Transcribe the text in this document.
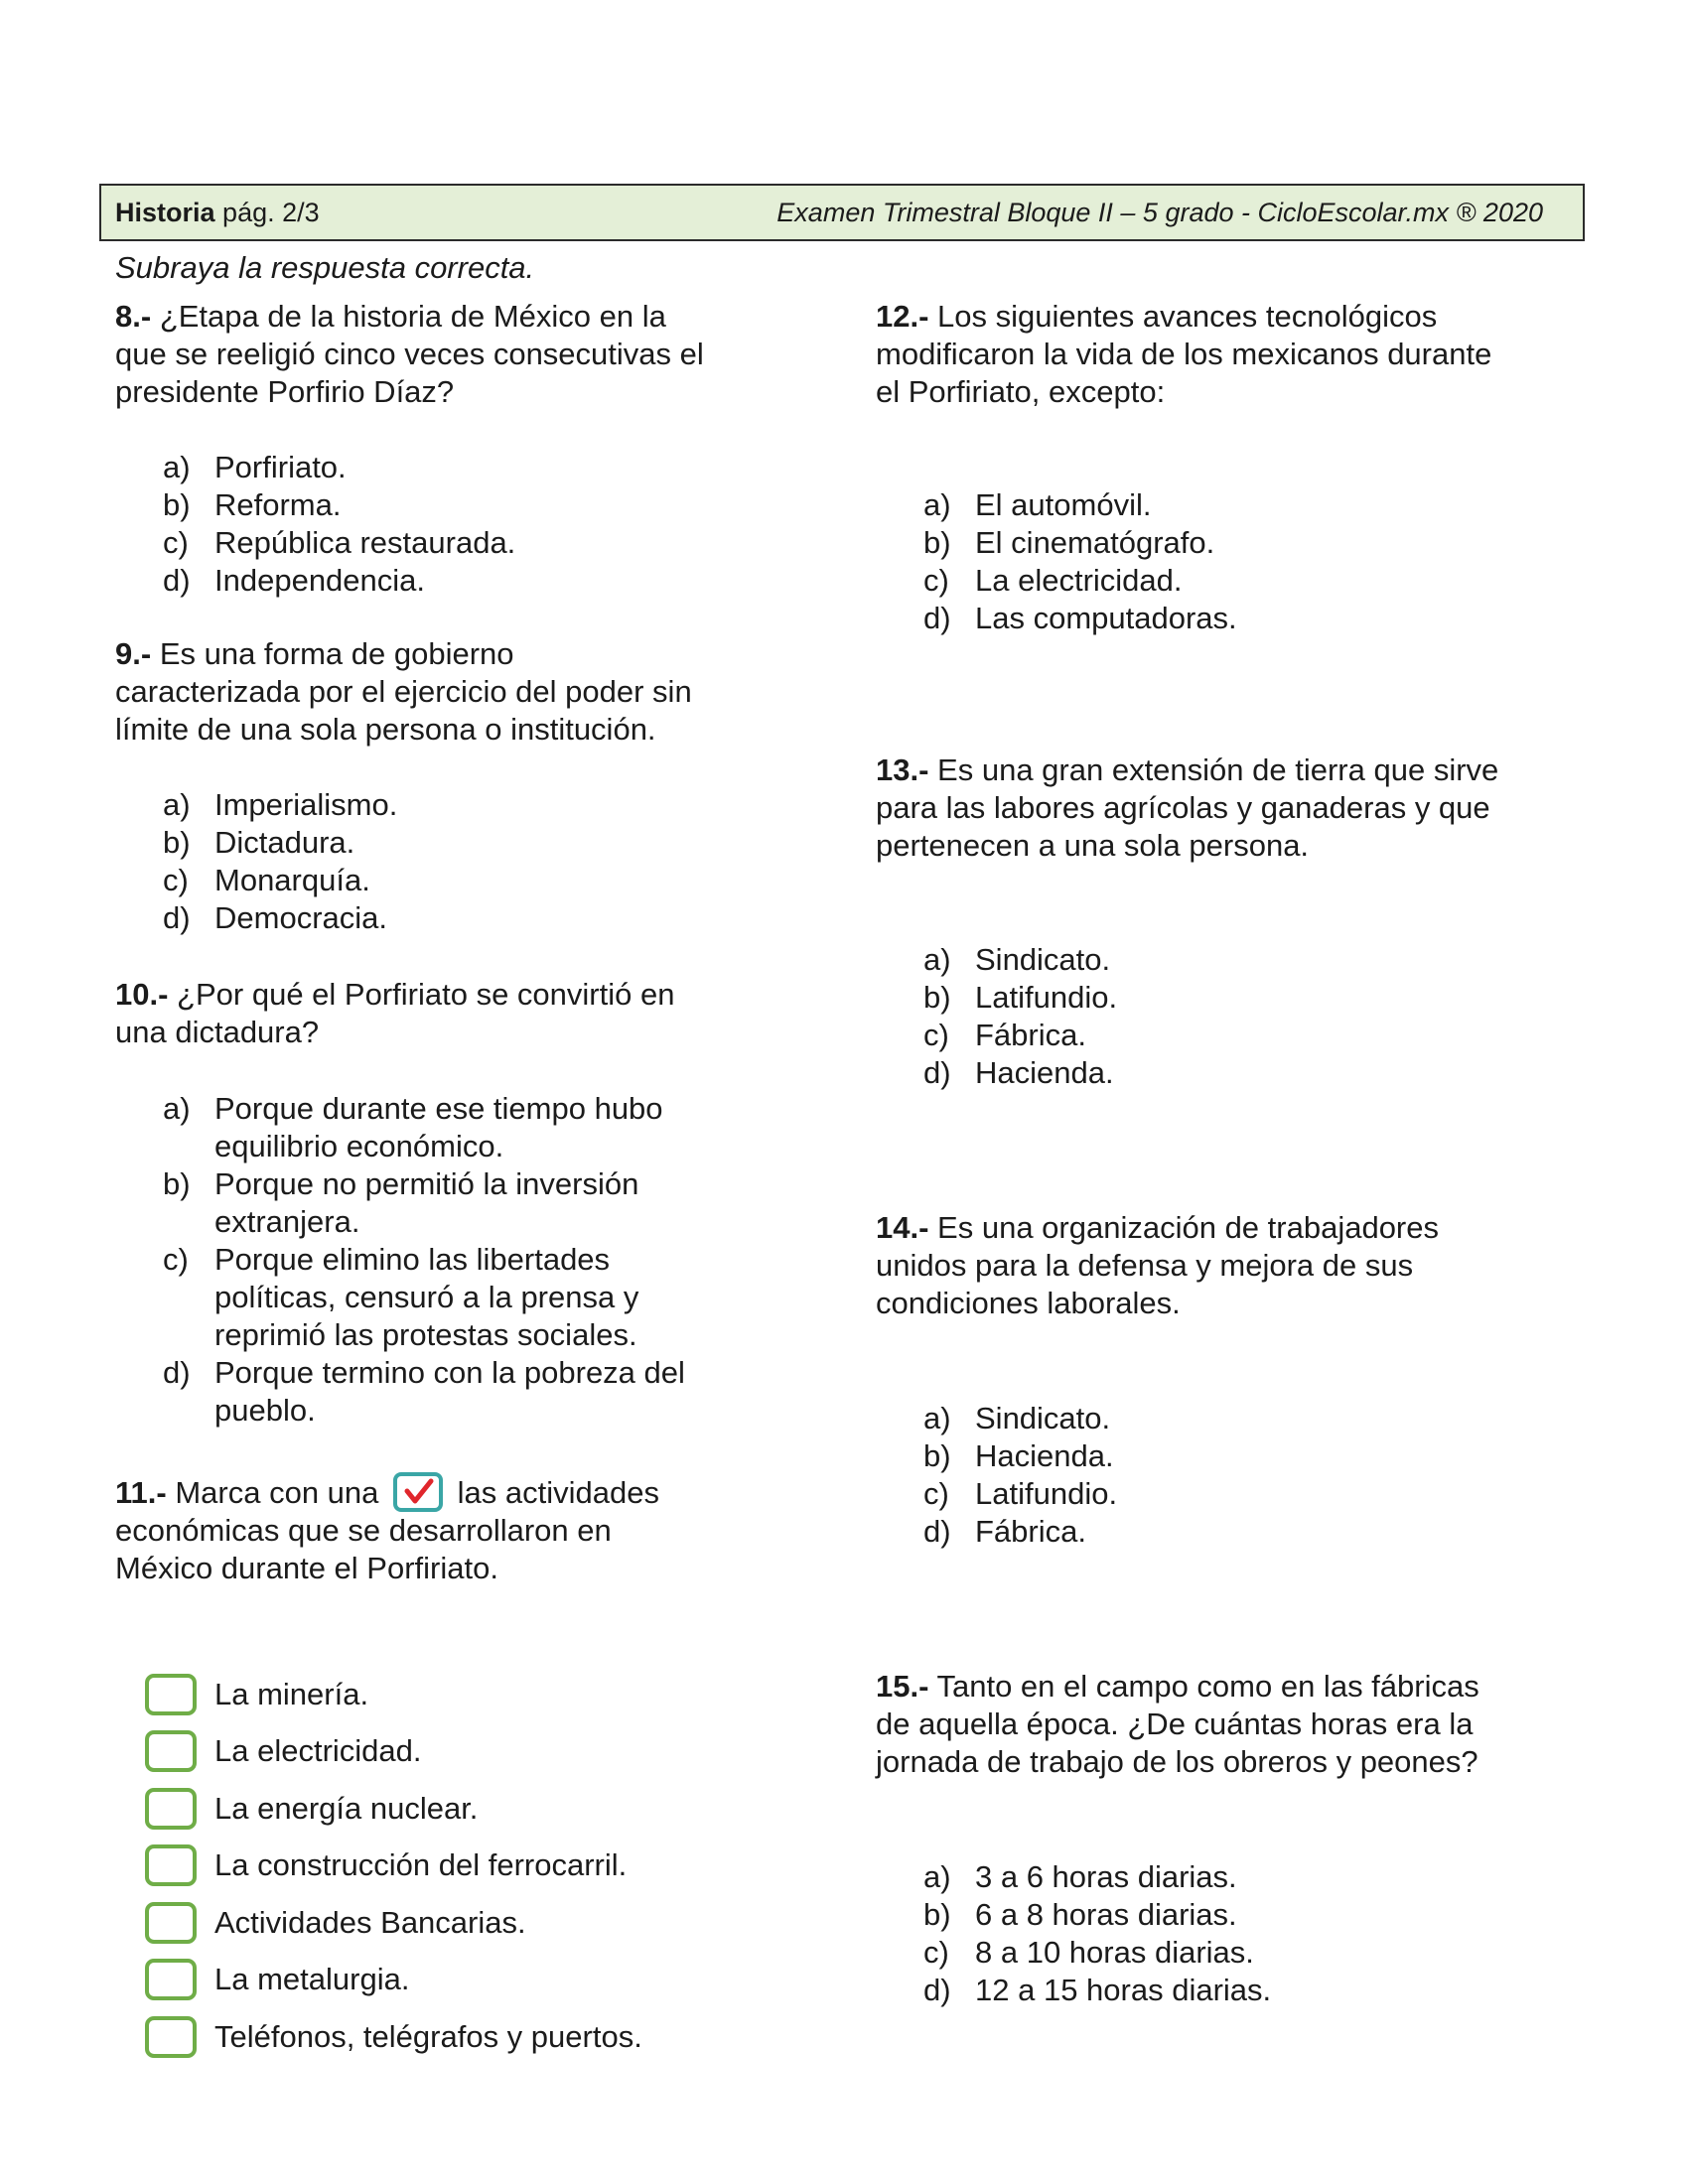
Historia pág. 2/3	Examen Trimestral Bloque II – 5 grado - CicloEscolar.mx ® 2020
Subraya la respuesta correcta.
8.- ¿Etapa de la historia de México en la
que se reeligió cinco veces consecutivas el
presidente Porfirio Díaz?
a) Porfiriato.
b) Reforma.
c) República restaurada.
d) Independencia.
9.- Es una forma de gobierno
caracterizada por el ejercicio del poder sin
límite de una sola persona o institución.
a) Imperialismo.
b) Dictadura.
c) Monarquía.
d) Democracia.
10.- ¿Por qué el Porfiriato se convirtió en
una dictadura?
a) Porque durante ese tiempo hubo
equilibrio económico.
b) Porque no permitió la inversión
extranjera.
c) Porque elimino las libertades
políticas, censuró a la prensa y
reprimió las protestas sociales.
d) Porque termino con la pobreza del
pueblo.
11.- Marca con una	las actividades
económicas que se desarrollaron en
México durante el Porfiriato.
La minería.
La electricidad.
La energía nuclear.
La construcción del ferrocarril.
Actividades Bancarias.
La metalurgia.
Teléfonos, telégrafos y puertos.
12.- Los siguientes avances tecnológicos
modificaron la vida de los mexicanos durante
el Porfiriato, excepto:
a) El automóvil.
b) El cinematógrafo.
c) La electricidad.
d) Las computadoras.
13.- Es una gran extensión de tierra que sirve
para las labores agrícolas y ganaderas y que
pertenecen a una sola persona.
a) Sindicato.
b) Latifundio.
c) Fábrica.
d) Hacienda.
14.- Es una organización de trabajadores
unidos para la defensa y mejora de sus
condiciones laborales.
a) Sindicato.
b) Hacienda.
c) Latifundio.
d) Fábrica.
15.- Tanto en el campo como en las fábricas
de aquella época. ¿De cuántas horas era la
jornada de trabajo de los obreros y peones?
a) 3 a 6 horas diarias.
b) 6 a 8 horas diarias.
c) 8 a 10 horas diarias.
d) 12 a 15 horas diarias.
